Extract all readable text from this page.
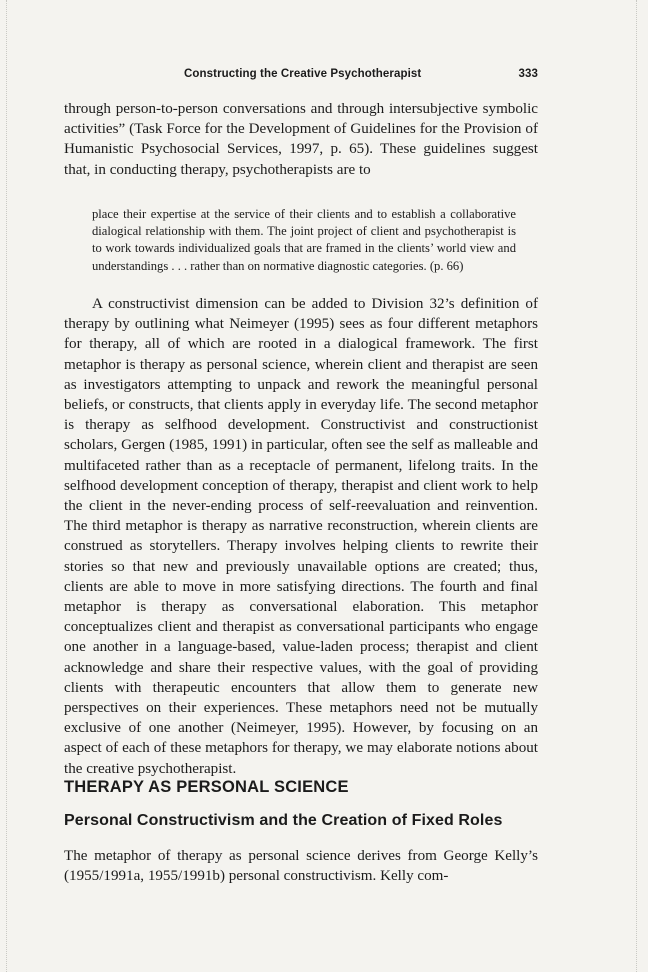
Constructing the Creative Psychotherapist	333

through person-to-person conversations and through intersubjective symbolic activities” (Task Force for the Development of Guidelines for the Provision of Humanistic Psychosocial Services, 1997, p. 65). These guidelines suggest that, in conducting therapy, psychotherapists are to

place their expertise at the service of their clients and to establish a collaborative dialogical relationship with them. The joint project of client and psychotherapist is to work towards individualized goals that are framed in the clients’ world view and understandings . . . rather than on normative diagnostic categories. (p. 66)

A constructivist dimension can be added to Division 32’s definition of therapy by outlining what Neimeyer (1995) sees as four different metaphors for therapy, all of which are rooted in a dialogical framework. The first metaphor is therapy as personal science, wherein client and therapist are seen as investigators attempting to unpack and rework the meaningful personal beliefs, or constructs, that clients apply in everyday life. The second metaphor is therapy as selfhood development. Constructivist and constructionist scholars, Gergen (1985, 1991) in particular, often see the self as malleable and multifaceted rather than as a receptacle of permanent, lifelong traits. In the selfhood development conception of therapy, therapist and client work to help the client in the never-ending process of self-reevaluation and reinvention. The third metaphor is therapy as narrative reconstruction, wherein clients are construed as storytellers. Therapy involves helping clients to rewrite their stories so that new and previously unavailable options are created; thus, clients are able to move in more satisfying directions. The fourth and final metaphor is therapy as conversational elaboration. This metaphor conceptualizes client and therapist as conversational participants who engage one another in a language-based, value-laden process; therapist and client acknowledge and share their respective values, with the goal of providing clients with therapeutic encounters that allow them to generate new perspectives on their experiences. These metaphors need not be mutually exclusive of one another (Neimeyer, 1995). However, by focusing on an aspect of each of these metaphors for therapy, we may elaborate notions about the creative psychotherapist.

THERAPY AS PERSONAL SCIENCE
Personal Constructivism and the Creation of Fixed Roles

The metaphor of therapy as personal science derives from George Kelly’s (1955/1991a, 1955/1991b) personal constructivism. Kelly com-
